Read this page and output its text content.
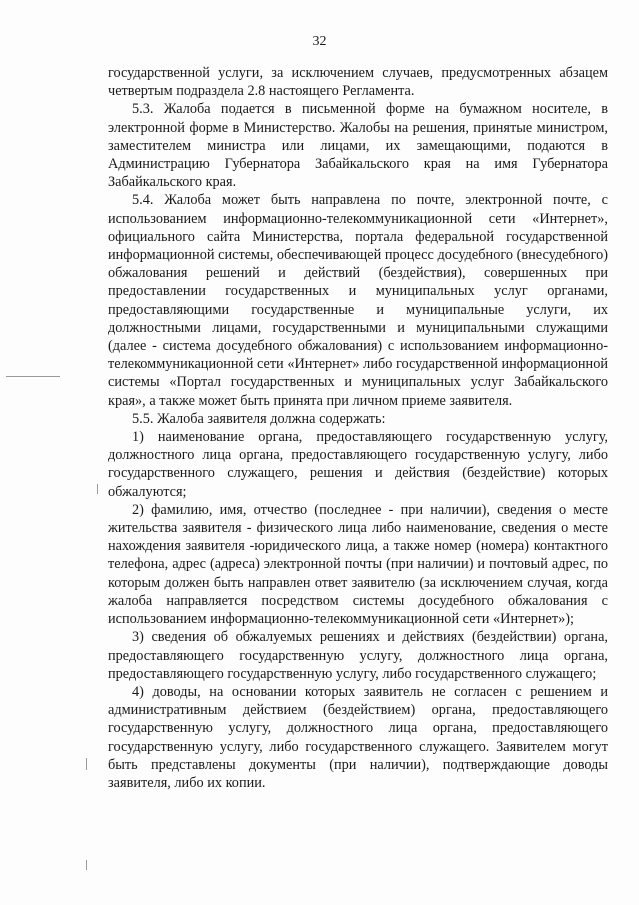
32

государственной услуги, за исключением случаев, предусмотренных абзацем четвертым подраздела 2.8 настоящего Регламента.

5.3. Жалоба подается в письменной форме на бумажном носителе, в электронной форме в Министерство. Жалобы на решения, принятые министром, заместителем министра или лицами, их замещающими, подаются в Администрацию Губернатора Забайкальского края на имя Губернатора Забайкальского края.

5.4. Жалоба может быть направлена по почте, электронной почте, с использованием информационно-телекоммуникационной сети «Интернет», официального сайта Министерства, портала федеральной государственной информационной системы, обеспечивающей процесс досудебного (внесудебного) обжалования решений и действий (бездействия), совершенных при предоставлении государственных и муниципальных услуг органами, предоставляющими государственные и муниципальные услуги, их должностными лицами, государственными и муниципальными служащими (далее - система досудебного обжалования) с использованием информационно-телекоммуникационной сети «Интернет» либо государственной информационной системы «Портал государственных и муниципальных услуг Забайкальского края», а также может быть принята при личном приеме заявителя.

5.5. Жалоба заявителя должна содержать:

1) наименование органа, предоставляющего государственную услугу, должностного лица органа, предоставляющего государственную услугу, либо государственного служащего, решения и действия (бездействие) которых обжалуются;

2) фамилию, имя, отчество (последнее - при наличии), сведения о месте жительства заявителя - физического лица либо наименование, сведения о месте нахождения заявителя -юридического лица, а также номер (номера) контактного телефона, адрес (адреса) электронной почты (при наличии) и почтовый адрес, по которым должен быть направлен ответ заявителю (за исключением случая, когда жалоба направляется посредством системы досудебного обжалования с использованием информационно-телекоммуникационной сети «Интернет»);

3) сведения об обжалуемых решениях и действиях (бездействии) органа, предоставляющего государственную услугу, должностного лица органа, предоставляющего государственную услугу, либо государственного служащего;

4) доводы, на основании которых заявитель не согласен с решением и административным действием (бездействием) органа, предоставляющего государственную услугу, должностного лица органа, предоставляющего государственную услугу, либо государственного служащего. Заявителем могут быть представлены документы (при наличии), подтверждающие доводы заявителя, либо их копии.
